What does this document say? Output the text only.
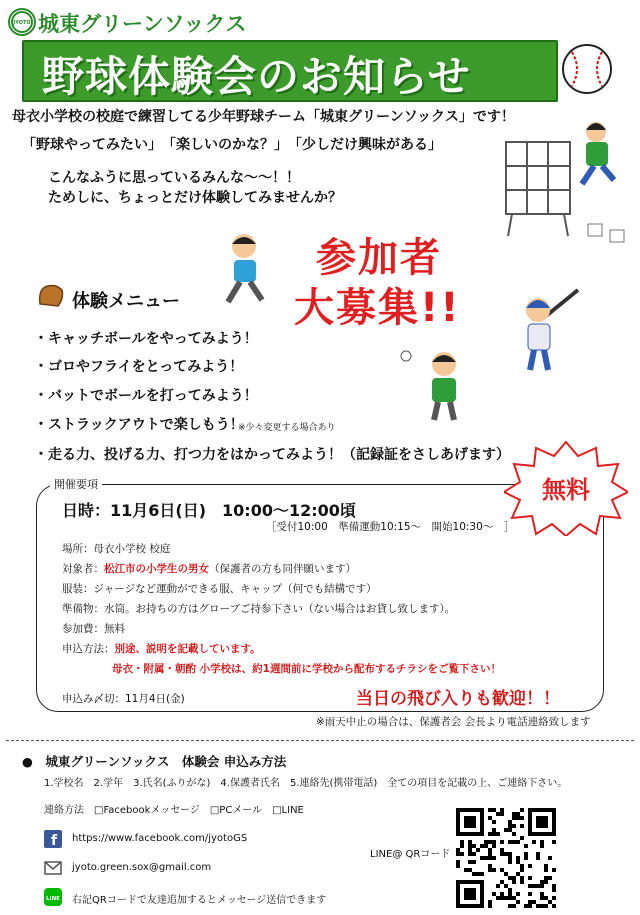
JYOTO 城東グリーンソックス
野球体験会のお知らせ
母衣小学校の校庭で練習してる少年野球チーム「城東グリーンソックス」です！
「野球やってみたい」　「楽しいのかな？」　「少しだけ興味がある」
こんなふうに思っているみんな～～！！
ためしに、ちょっとだけ体験してみませんか？
参加者
大募集!!
体験メニュー
・キャッチボールをやってみよう！
・ゴロやフライをとってみよう！
・バットでボールを打ってみよう！
・ストラックアウトで楽しもう！
※少々変更する場合あり
・走る力、投げる力、打つ力をはかってみよう！（記録証をさしあげます）
開催要項	無料
日時：11月6日(日)　10:00～12:00頃
［受付10:00　準備運動10:15～　開始10:30～　］
場所：母衣小学校 校庭
対象者：松江市の小学生の男女（保護者の方も同伴願います）
服装：ジャージなど運動ができる服、キャップ（何でも結構です）
準備物：水筒。お持ちの方はグローブご持参下さい（ない場合はお貸し致します）。
参加費：無料
申込方法：別途、説明を記載しています。
母衣・附属・朝酌 小学校は、約1週間前に学校から配布するチラシをご覧下さい！
申込み〆切：11月4日(金)	当日の飛び入りも歓迎！！
※雨天中止の場合は、保護者会 会長より電話連絡致します
●　城東グリーンソックス　体験会 申込み方法
1.学校名　2.学年　3.氏名(ふりがな)　4.保護者氏名　5.連絡先(携帯電話)　全ての項目を記載の上、ご連絡下さい。
連絡方法　□Facebookメッセージ　□PCメール　□LINE
f https://www.facebook.com/jyotoGS
jyoto.green.sox@gmail.com
LINE 右記QRコードで友達追加するとメッセージ送信できます
LINE@ QRコード
